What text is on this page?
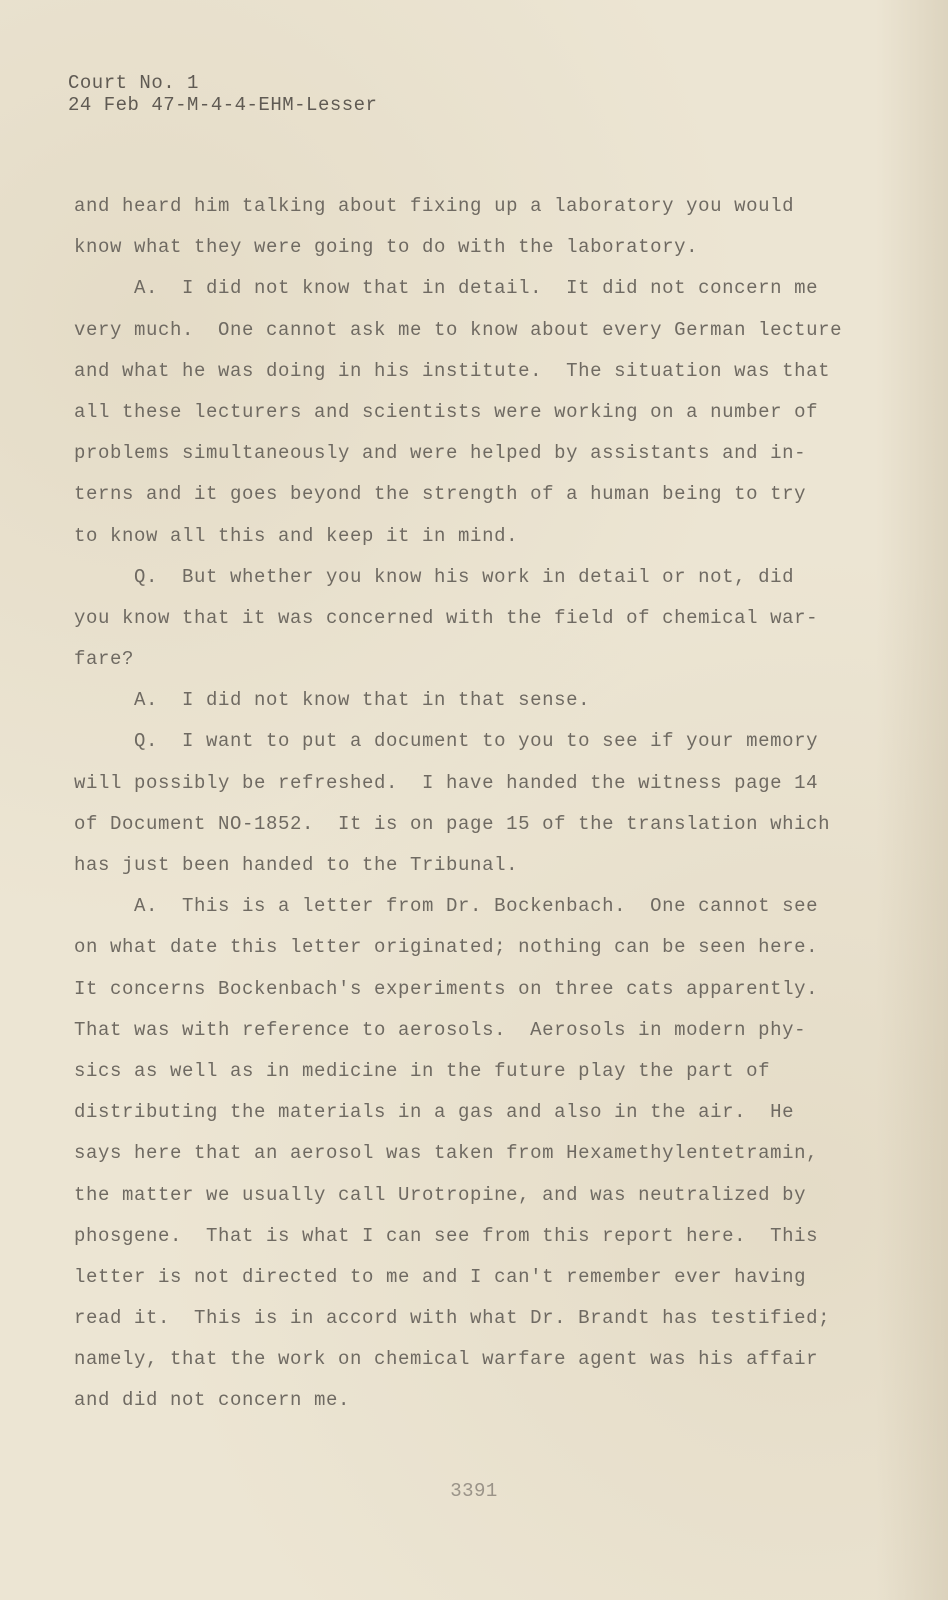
Court No. 1
24 Feb 47-M-4-4-EHM-Lesser
and heard him talking about fixing up a laboratory you would
know what they were going to do with the laboratory.
A.  I did not know that in detail.  It did not concern me
very much.  One cannot ask me to know about every German lecture
and what he was doing in his institute.  The situation was that
all these lecturers and scientists were working on a number of
problems simultaneously and were helped by assistants and in-
terns and it goes beyond the strength of a human being to try
to know all this and keep it in mind.
Q.  But whether you know his work in detail or not, did
you know that it was concerned with the field of chemical war-
fare?
A.  I did not know that in that sense.
Q.  I want to put a document to you to see if your memory
will possibly be refreshed.  I have handed the witness page 14
of Document NO-1852.  It is on page 15 of the translation which
has just been handed to the Tribunal.
A.  This is a letter from Dr. Bockenbach.  One cannot see
on what date this letter originated; nothing can be seen here.
It concerns Bockenbach's experiments on three cats apparently.
That was with reference to aerosols.  Aerosols in modern phy-
sics as well as in medicine in the future play the part of
distributing the materials in a gas and also in the air.  He
says here that an aerosol was taken from Hexamethylentetramin,
the matter we usually call Urotropine, and was neutralized by
phosgene.  That is what I can see from this report here.  This
letter is not directed to me and I can't remember ever having
read it.  This is in accord with what Dr. Brandt has testified;
namely, that the work on chemical warfare agent was his affair
and did not concern me.
3391
